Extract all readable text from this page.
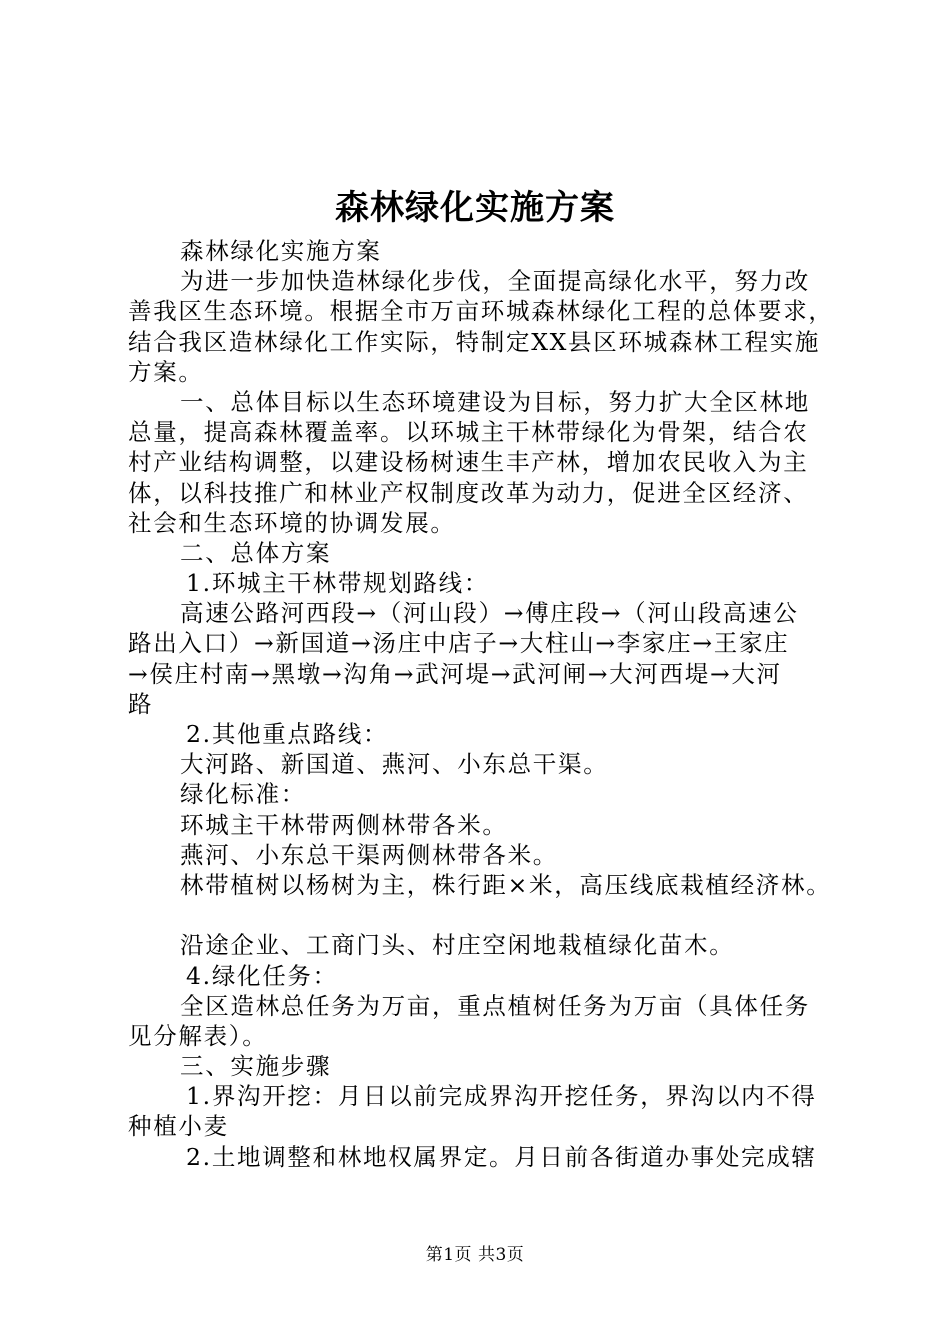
森林绿化实施方案

森林绿化实施方案

为进一步加快造林绿化步伐，全面提高绿化水平，努力改

善我区生态环境。根据全市万亩环城森林绿化工程的总体要求，

结合我区造林绿化工作实际，特制定XX县区环城森林工程实施

方案。

一、总体目标以生态环境建设为目标，努力扩大全区林地

总量，提高森林覆盖率。以环城主干林带绿化为骨架，结合农

村产业结构调整，以建设杨树速生丰产林，增加农民收入为主

体，以科技推广和林业产权制度改革为动力，促进全区经济、

社会和生态环境的协调发展。

二、总体方案

1.环城主干林带规划路线：

高速公路河西段→（河山段）→傅庄段→（河山段高速公

路出入口）→新国道→汤庄中店子→大柱山→李家庄→王家庄

→侯庄村南→黑墩→沟角→武河堤→武河闸→大河西堤→大河

路

2.其他重点路线：

大河路、新国道、燕河、小东总干渠。

绿化标准：

环城主干林带两侧林带各米。

燕河、小东总干渠两侧林带各米。

林带植树以杨树为主，株行距×米，高压线底栽植经济林。

沿途企业、工商门头、村庄空闲地栽植绿化苗木。

4.绿化任务：

全区造林总任务为万亩，重点植树任务为万亩（具体任务

见分解表）。

三、实施步骤

1.界沟开挖：月日以前完成界沟开挖任务，界沟以内不得

种植小麦

2.土地调整和林地权属界定。月日前各街道办事处完成辖

第1页 共3页
